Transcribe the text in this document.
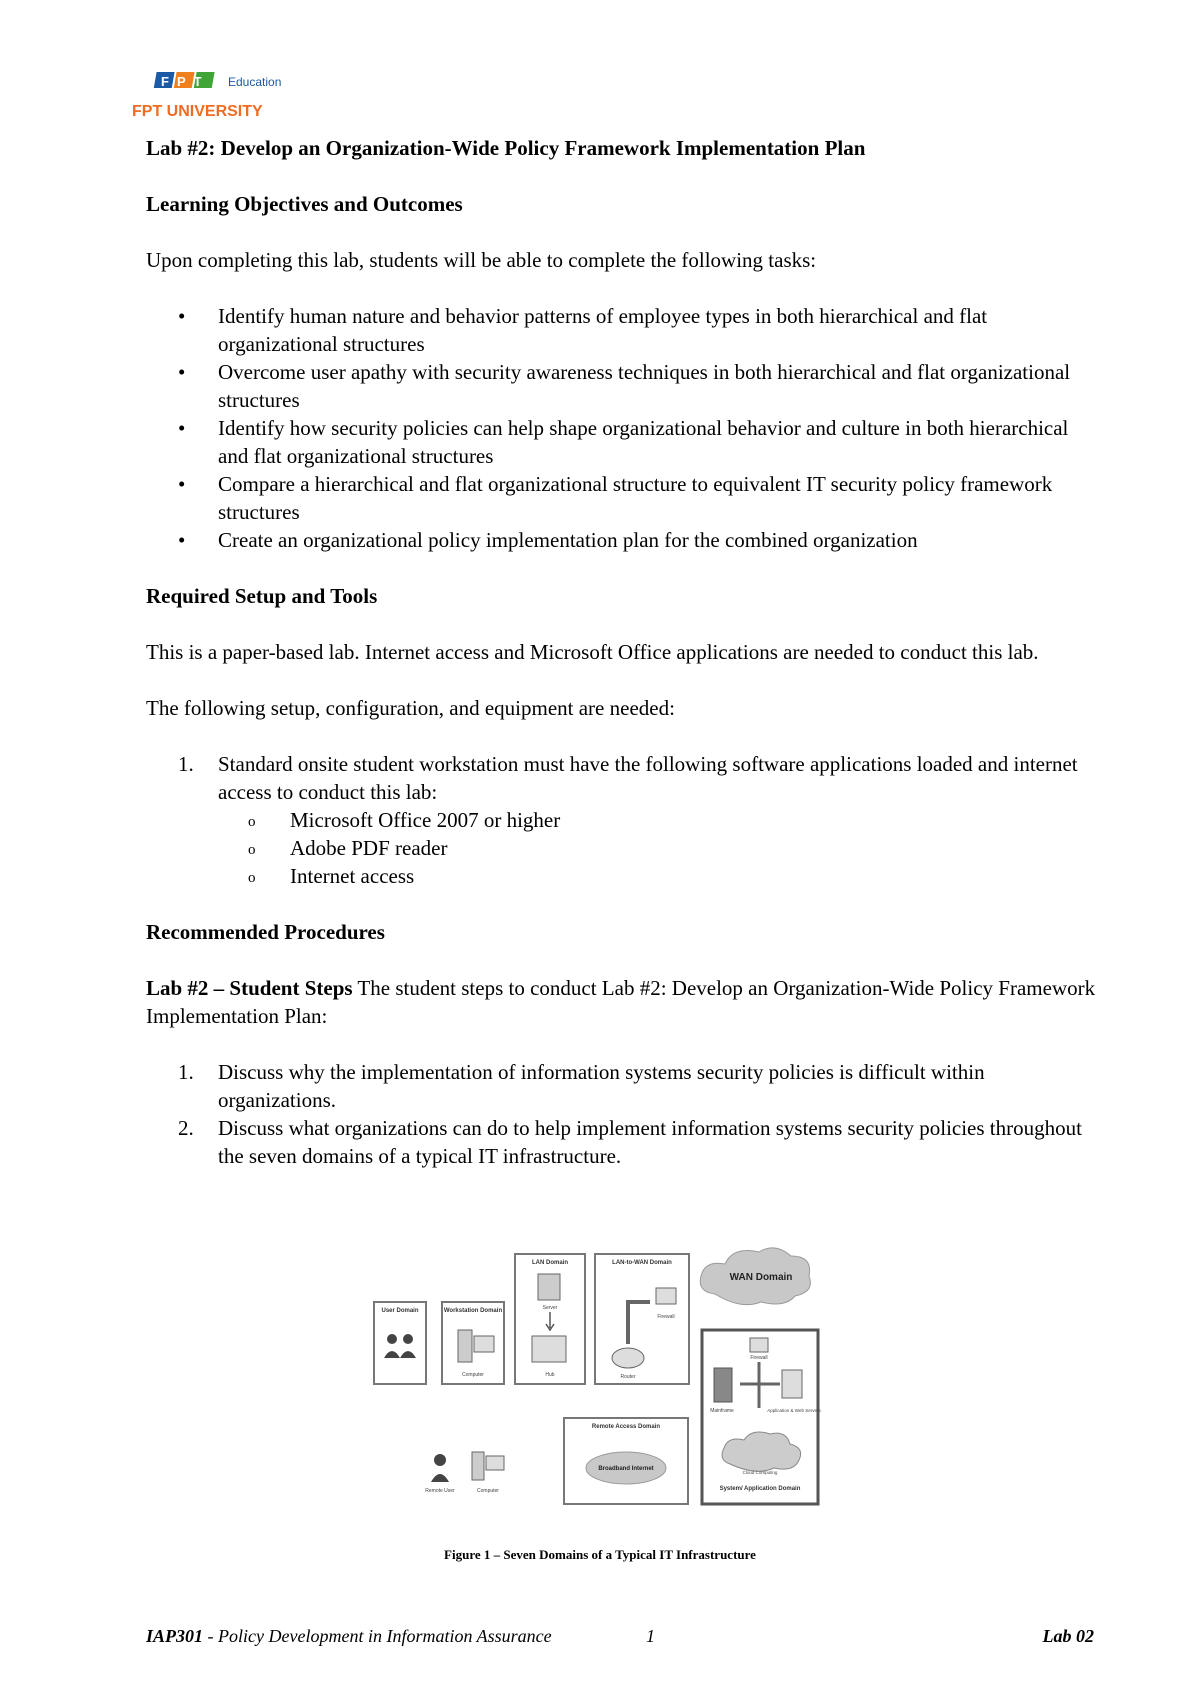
FPT Education
FPT UNIVERSITY
Lab #2: Develop an Organization-Wide Policy Framework Implementation Plan
Learning Objectives and Outcomes

Upon completing this lab, students will be able to complete the following tasks:

• Identify human nature and behavior patterns of employee types in both hierarchical and flat organizational structures
• Overcome user apathy with security awareness techniques in both hierarchical and flat organizational structures
• Identify how security policies can help shape organizational behavior and culture in both hierarchical and flat organizational structures
• Compare a hierarchical and flat organizational structure to equivalent IT security policy framework structures
• Create an organizational policy implementation plan for the combined organization
Required Setup and Tools

This is a paper-based lab. Internet access and Microsoft Office applications are needed to conduct this lab.

The following setup, configuration, and equipment are needed:

1. Standard onsite student workstation must have the following software applications loaded and internet access to conduct this lab:
o Microsoft Office 2007 or higher
o Adobe PDF reader
o Internet access
Recommended Procedures

Lab #2 – Student Steps The student steps to conduct Lab #2: Develop an Organization-Wide Policy Framework Implementation Plan:

1. Discuss why the implementation of information systems security policies is difficult within organizations.
2. Discuss what organizations can do to help implement information systems security policies throughout the seven domains of a typical IT infrastructure.
User Domain	Workstation Domain
Computer
LAN Domain
Server
Hub
LAN-to-WAN Domain
Firewall
Router
WAN Domain
Firewall
Mainframe	Application & Web Servers
Cloud Computing
System/ Application Domain
Remote Access Domain
Broadband Internet
Remote User	Computer
Figure 1 – Seven Domains of a Typical IT Infrastructure
IAP301 - Policy Development in Information Assurance	1	Lab 02
